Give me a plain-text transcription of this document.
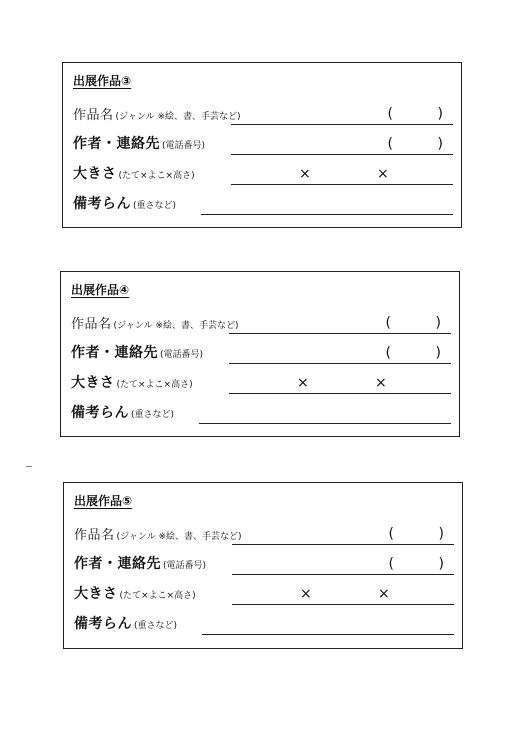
出展作品③
作品名 (ジャンル ※絵、書、手芸など)	(	)
作者・連絡先 (電話番号)	(	)
大きさ (たて×よこ×高さ)	×	×
備考らん (重さなど)
出展作品④
作品名 (ジャンル ※絵、書、手芸など)	(	)
作者・連絡先 (電話番号)	(	)
大きさ (たて×よこ×高さ)	×	×
備考らん (重さなど)
出展作品⑤
作品名 (ジャンル ※絵、書、手芸など)	(	)
作者・連絡先 (電話番号)	(	)
大きさ (たて×よこ×高さ)	×	×
備考らん (重さなど)
